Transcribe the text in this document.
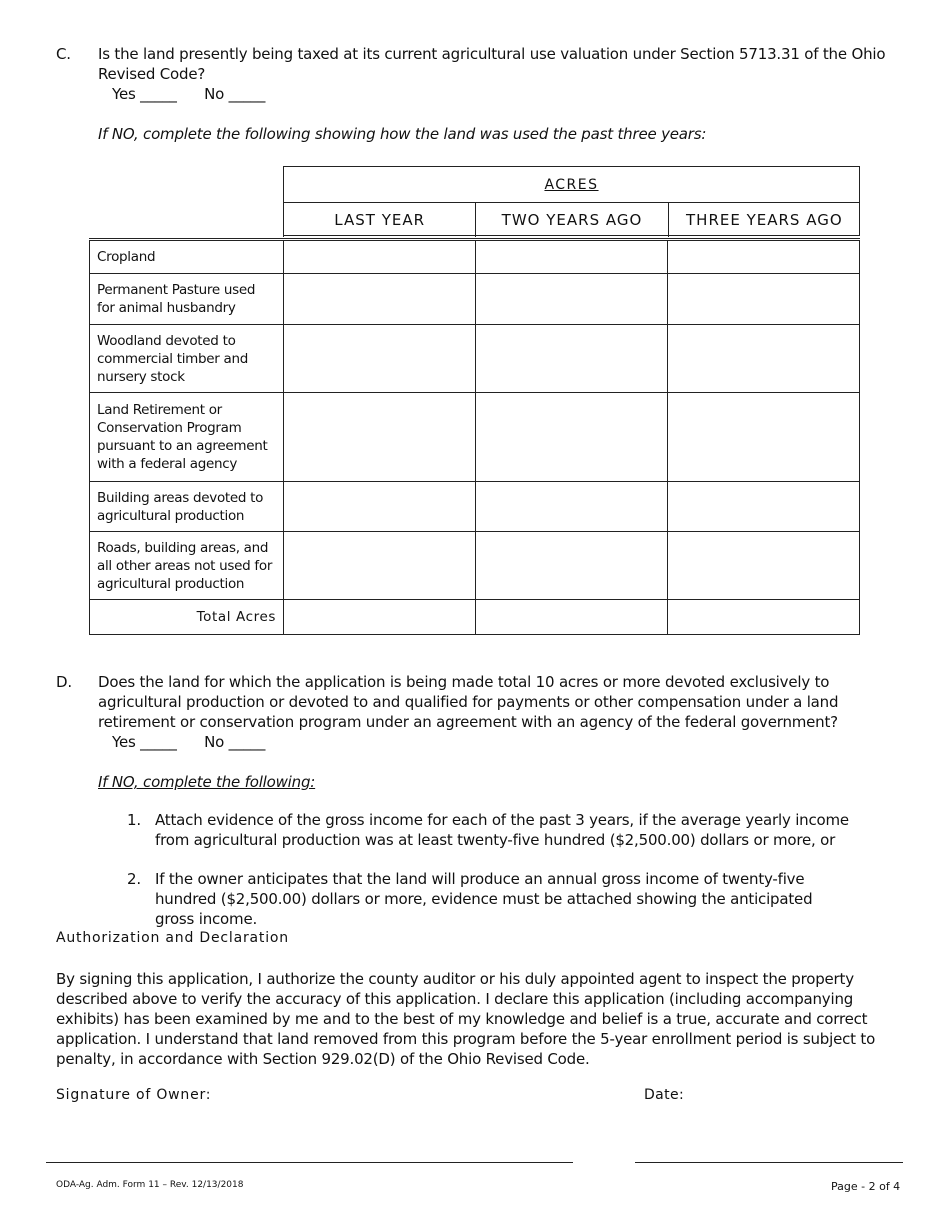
C. Is the land presently being taxed at its current agricultural use valuation under Section 5713.31 of the Ohio Revised Code?
Yes _____      No _____
If NO, complete the following showing how the land was used the past three years:
ACRES
LAST YEAR	TWO YEARS AGO	THREE YEARS AGO
Cropland			
Permanent Pasture used for animal husbandry			
Woodland devoted to commercial timber and nursery stock			
Land Retirement or Conservation Program pursuant to an agreement with a federal agency			
Building areas devoted to agricultural production			
Roads, building areas, and all other areas not used for agricultural production			
Total Acres			
D. Does the land for which the application is being made total 10 acres or more devoted exclusively to agricultural production or devoted to and qualified for payments or other compensation under a land retirement or conservation program under an agreement with an agency of the federal government?
Yes _____      No _____
If NO, complete the following:
1. Attach evidence of the gross income for each of the past 3 years, if the average yearly income from agricultural production was at least twenty-five hundred ($2,500.00) dollars or more, or
2. If the owner anticipates that the land will produce an annual gross income of twenty-five hundred ($2,500.00) dollars or more, evidence must be attached showing the anticipated gross income.
Authorization and Declaration
By signing this application, I authorize the county auditor or his duly appointed agent to inspect the property described above to verify the accuracy of this application. I declare this application (including accompanying exhibits) has been examined by me and to the best of my knowledge and belief is a true, accurate and correct application. I understand that land removed from this program before the 5-year enrollment period is subject to penalty, in accordance with Section 929.02(D) of the Ohio Revised Code.
Signature of Owner:	Date:
ODA-Ag. Adm. Form 11 – Rev. 12/13/2018	Page - 2 of 4
